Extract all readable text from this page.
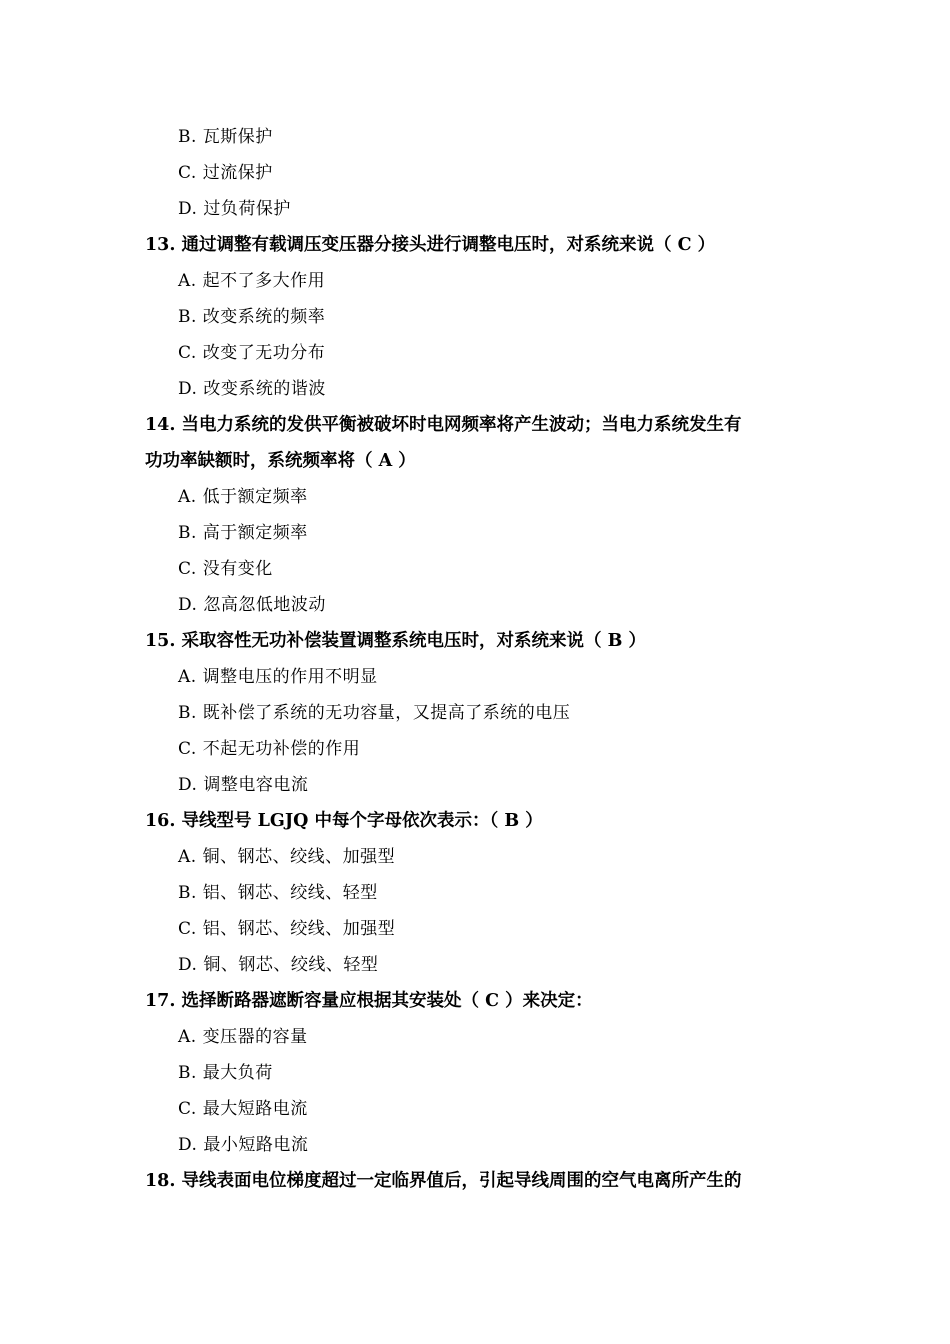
B. 瓦斯保护
C. 过流保护
D. 过负荷保护
13. 通过调整有载调压变压器分接头进行调整电压时，对系统来说（ C ）
A. 起不了多大作用
B. 改变系统的频率
C. 改变了无功分布
D. 改变系统的谐波
14. 当电力系统的发供平衡被破坏时电网频率将产生波动；当电力系统发生有
功功率缺额时，系统频率将（ A ）
A. 低于额定频率
B. 高于额定频率
C. 没有变化
D. 忽高忽低地波动
15. 采取容性无功补偿装置调整系统电压时，对系统来说（ B ）
A. 调整电压的作用不明显
B. 既补偿了系统的无功容量，又提高了系统的电压
C. 不起无功补偿的作用
D. 调整电容电流
16. 导线型号 LGJQ 中每个字母依次表示：（ B ）
A. 铜、钢芯、绞线、加强型
B. 铝、钢芯、绞线、轻型
C. 铝、钢芯、绞线、加强型
D. 铜、钢芯、绞线、轻型
17. 选择断路器遮断容量应根据其安装处（ C ）来决定：
A. 变压器的容量
B. 最大负荷
C. 最大短路电流
D. 最小短路电流
18. 导线表面电位梯度超过一定临界值后，引起导线周围的空气电离所产生的
